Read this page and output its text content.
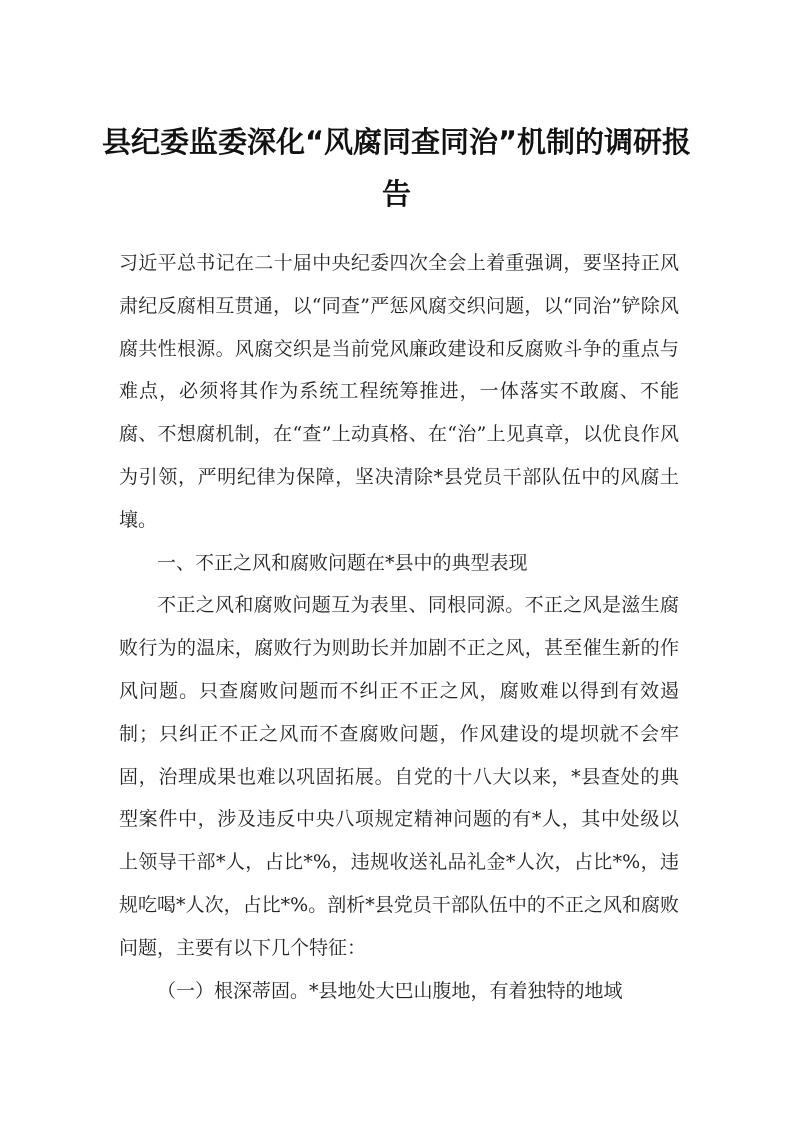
县纪委监委深化“风腐同查同治”机制的调研报告

习近平总书记在二十届中央纪委四次全会上着重强调，要坚持正风肃纪反腐相互贯通，以“同查”严惩风腐交织问题，以“同治”铲除风腐共性根源。风腐交织是当前党风廉政建设和反腐败斗争的重点与难点，必须将其作为系统工程统筹推进，一体落实不敢腐、不能腐、不想腐机制，在“查”上动真格、在“治”上见真章，以优良作风为引领，严明纪律为保障，坚决清除*县党员干部队伍中的风腐土壤。

一、不正之风和腐败问题在*县中的典型表现

不正之风和腐败问题互为表里、同根同源。不正之风是滋生腐败行为的温床，腐败行为则助长并加剧不正之风，甚至催生新的作风问题。只查腐败问题而不纠正不正之风，腐败难以得到有效遏制；只纠正不正之风而不查腐败问题，作风建设的堤坝就不会牢固，治理成果也难以巩固拓展。自党的十八大以来，*县查处的典型案件中，涉及违反中央八项规定精神问题的有*人，其中处级以上领导干部*人，占比*%，违规收送礼品礼金*人次，占比*%，违规吃喝*人次，占比*%。剖析*县党员干部队伍中的不正之风和腐败问题，主要有以下几个特征：

（一）根深蒂固。*县地处大巴山腹地，有着独特的地域
